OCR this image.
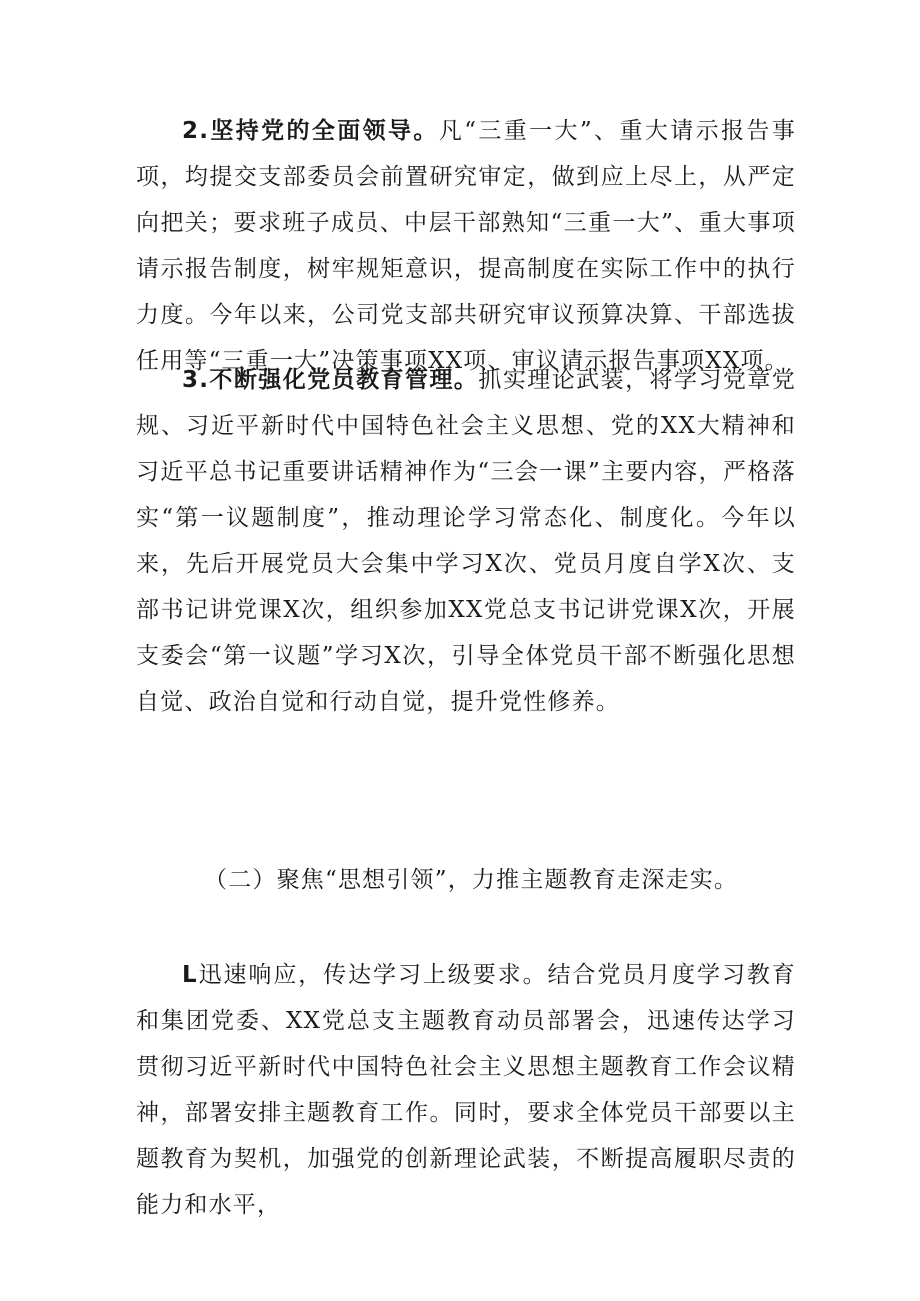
2.坚持党的全面领导。凡“三重一大”、重大请示报告事项，均提交支部委员会前置研究审定，做到应上尽上，从严定向把关；要求班子成员、中层干部熟知“三重一大”、重大事项请示报告制度，树牢规矩意识，提高制度在实际工作中的执行力度。今年以来，公司党支部共研究审议预算决算、干部选拔任用等“三重一大”决策事项XX项、审议请示报告事项XX项。

3.不断强化党员教育管理。抓实理论武装，将学习党章党规、习近平新时代中国特色社会主义思想、党的XX大精神和习近平总书记重要讲话精神作为“三会一课”主要内容，严格落实“第一议题制度”，推动理论学习常态化、制度化。今年以来，先后开展党员大会集中学习X次、党员月度自学X次、支部书记讲党课X次，组织参加XX党总支书记讲党课X次，开展支委会“第一议题”学习X次，引导全体党员干部不断强化思想自觉、政治自觉和行动自觉，提升党性修养。

（二）聚焦“思想引领”，力推主题教育走深走实。

L迅速响应，传达学习上级要求。结合党员月度学习教育和集团党委、XX党总支主题教育动员部署会，迅速传达学习贯彻习近平新时代中国特色社会主义思想主题教育工作会议精神，部署安排主题教育工作。同时，要求全体党员干部要以主题教育为契机，加强党的创新理论武装，不断提高履职尽责的能力和水平，
